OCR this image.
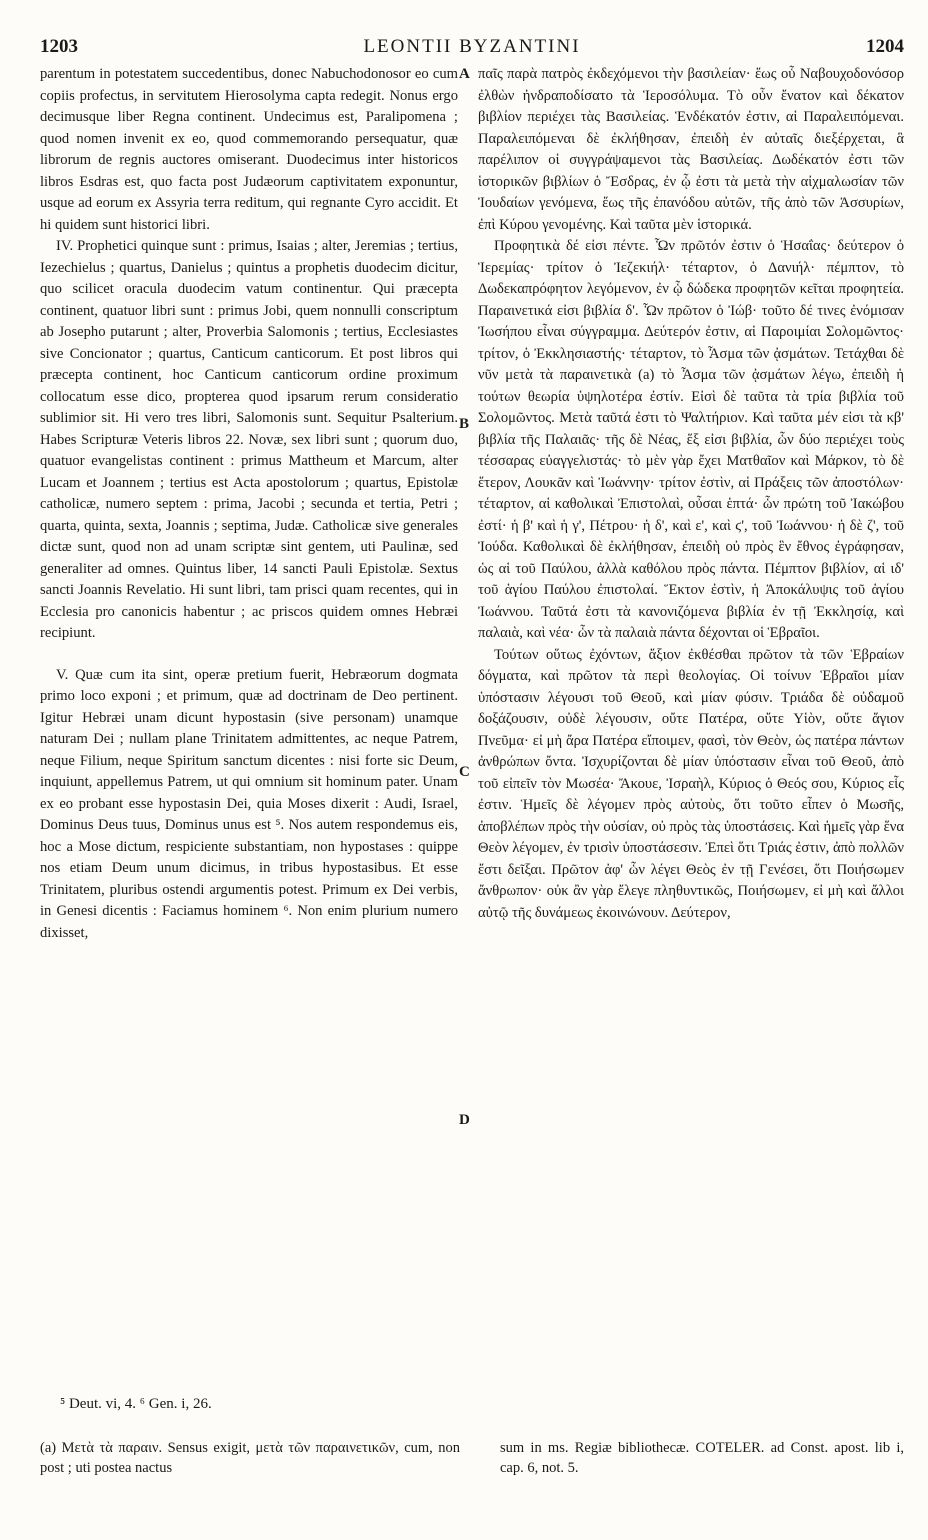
1203	LEONTII BYZANTINI	1204

parentum in potestatem succedentibus, donec Nabuchodonosor eo cum copiis profectus, in servitutem Hierosolyma capta redegit. Nonus ergo decimusque liber Regna continent. Undecimus est, Paralipomena ; quod nomen invenit ex eo, quod commemorando persequatur, quæ librorum de regnis auctores omiserant. Duodecimus inter historicos libros Esdras est, quo facta post Judæorum captivitatem exponuntur, usque ad eorum ex Assyria terra reditum, qui regnante Cyro accidit. Et hi quidem sunt historici libri.

IV. Prophetici quinque sunt : primus, Isaias ; alter, Jeremias ; tertius, Iezechielus ; quartus, Danielus ; quintus a prophetis duodecim dicitur, quo scilicet oracula duodecim vatum continentur. Qui præcepta continent, quatuor libri sunt : primus Jobi, quem nonnulli conscriptum ab Josepho putarunt ; alter, Proverbia Salomonis ; tertius, Ecclesiastes sive Concionator ; quartus, Canticum canticorum. Et post libros qui præcepta continent, hoc Canticum canticorum ordine proximum collocatum esse dico, propterea quod ipsarum rerum consideratio sublimior sit. Hi vero tres libri, Salomonis sunt. Sequitur Psalterium. Habes Scripturæ Veteris libros 22. Novæ, sex libri sunt ; quorum duo, quatuor evangelistas continent : primus Mattheum et Marcum, alter Lucam et Joannem ; tertius est Acta apostolorum ; quartus, Epistolæ catholicæ, numero septem : prima, Jacobi ; secunda et tertia, Petri ; quarta, quinta, sexta, Joannis ; septima, Judæ. Catholicæ sive generales dictæ sunt, quod non ad unam scriptæ sint gentem, uti Paulinæ, sed generaliter ad omnes. Quintus liber, 14 sancti Pauli Epistolæ. Sextus sancti Joannis Revelatio. Hi sunt libri, tam prisci quam recentes, qui in Ecclesia pro canonicis habentur ; ac priscos quidem omnes Hebræi recipiunt.

V. Quæ cum ita sint, operæ pretium fuerit, Hebræorum dogmata primo loco exponi ; et primum, quæ ad doctrinam de Deo pertinent. Igitur Hebræi unam dicunt hypostasin (sive personam) unamque naturam Dei ; nullam plane Trinitatem admittentes, ac neque Patrem, neque Filium, neque Spiritum sanctum dicentes : nisi forte sic Deum, inquiunt, appellemus Patrem, ut qui omnium sit hominum pater. Unam ex eo probant esse hypostasin Dei, quia Moses dixerit : Audi, Israel, Dominus Deus tuus, Dominus unus est ⁵. Nos autem respondemus eis, hoc a Mose dictum, respiciente substantiam, non hypostases : quippe nos etiam Deum unum dicimus, in tribus hypostasibus. Et esse Trinitatem, pluribus ostendi argumentis potest. Primum ex Dei verbis, in Genesi dicentis : Faciamus hominem ⁶. Non enim plurium numero dixisset,

A
B
C
D

παῖς παρὰ πατρὸς ἐκδεχόμενοι τὴν βασιλείαν· ἕως οὗ Ναβουχοδονόσορ ἐλθὼν ἠνδραποδίσατο τὰ Ἱεροσόλυμα. Τὸ οὖν ἔνατον καὶ δέκατον βιβλίον περιέχει τὰς Βασιλείας. Ἑνδέκατόν ἐστιν, αἱ Παραλειπόμεναι. Παραλειπόμεναι δὲ ἐκλήθησαν, ἐπειδὴ ἐν αὐταῖς διεξέρχεται, ἃ παρέλιπον οἱ συγγράψαμενοι τὰς Βασιλείας. Δωδέκατόν ἐστι τῶν ἱστορικῶν βιβλίων ὁ Ἔσδρας, ἐν ᾧ ἐστι τὰ μετὰ τὴν αἰχμαλωσίαν τῶν Ἰουδαίων γενόμενα, ἕως τῆς ἐπανόδου αὐτῶν, τῆς ἀπὸ τῶν Ἀσσυρίων, ἐπὶ Κύρου γενομένης. Καὶ ταῦτα μὲν ἱστορικά.

Προφητικὰ δέ εἰσι πέντε. Ὧν πρῶτόν ἐστιν ὁ Ἡσαΐας· δεύτερον ὁ Ἱερεμίας· τρίτον ὁ Ἰεζεκιήλ· τέταρτον, ὁ Δανιήλ· πέμπτον, τὸ Δωδεκαπρόφητον λεγόμενον, ἐν ᾧ δώδεκα προφητῶν κεῖται προφητεία. Παραινετικά εἰσι βιβλία δ'. Ὧν πρῶτον ὁ Ἰώβ· τοῦτο δέ τινες ἐνόμισαν Ἰωσήπου εἶναι σύγγραμμα. Δεύτερόν ἐστιν, αἱ Παροιμίαι Σολομῶντος· τρίτον, ὁ Ἐκκλησιαστής· τέταρτον, τὸ Ἆσμα τῶν ᾀσμάτων. Τετάχθαι δὲ νῦν μετὰ τὰ παραινετικὰ (a) τὸ Ἆσμα τῶν ᾀσμάτων λέγω, ἐπειδὴ ἡ τούτων θεωρία ὑψηλοτέρα ἐστίν. Εἰσὶ δὲ ταῦτα τὰ τρία βιβλία τοῦ Σολομῶντος. Μετὰ ταῦτά ἐστι τὸ Ψαλτήριον. Καὶ ταῦτα μέν εἰσι τὰ κβ' βιβλία τῆς Παλαιᾶς· τῆς δὲ Νέας, ἕξ εἰσι βιβλία, ὧν δύο περιέχει τοὺς τέσσαρας εὐαγγελιστάς· τὸ μὲν γὰρ ἔχει Ματθαῖον καὶ Μάρκον, τὸ δὲ ἕτερον, Λουκᾶν καὶ Ἰωάννην· τρίτον ἐστὶν, αἱ Πράξεις τῶν ἀποστόλων· τέταρτον, αἱ καθολικαὶ Ἐπιστολαὶ, οὖσαι ἑπτά· ὧν πρώτη τοῦ Ἰακώβου ἐστί· ἡ β' καὶ ἡ γ', Πέτρου· ἡ δ', καὶ ε', καὶ ϛ', τοῦ Ἰωάννου· ἡ δὲ ζ', τοῦ Ἰούδα. Καθολικαὶ δὲ ἐκλήθησαν, ἐπειδὴ οὐ πρὸς ἓν ἔθνος ἐγράφησαν, ὡς αἱ τοῦ Παύλου, ἀλλὰ καθόλου πρὸς πάντα. Πέμπτον βιβλίον, αἱ ιδ' τοῦ ἁγίου Παύλου ἐπιστολαί. Ἕκτον ἐστὶν, ἡ Ἀποκάλυψις τοῦ ἁγίου Ἰωάννου. Ταῦτά ἐστι τὰ κανονιζόμενα βιβλία ἐν τῇ Ἐκκλησίᾳ, καὶ παλαιὰ, καὶ νέα· ὧν τὰ παλαιὰ πάντα δέχονται οἱ Ἑβραῖοι.

Τούτων οὕτως ἐχόντων, ἄξιον ἐκθέσθαι πρῶτον τὰ τῶν Ἑβραίων δόγματα, καὶ πρῶτον τὰ περὶ θεολογίας. Οἱ τοίνυν Ἑβραῖοι μίαν ὑπόστασιν λέγουσι τοῦ Θεοῦ, καὶ μίαν φύσιν. Τριάδα δὲ οὐδαμοῦ δοξάζουσιν, οὐδὲ λέγουσιν, οὔτε Πατέρα, οὔτε Υἱὸν, οὔτε ἅγιον Πνεῦμα· εἰ μὴ ἄρα Πατέρα εἴποιμεν, φασὶ, τὸν Θεὸν, ὡς πατέρα πάντων ἀνθρώπων ὄντα. Ἰσχυρίζονται δὲ μίαν ὑπόστασιν εἶναι τοῦ Θεοῦ, ἀπὸ τοῦ εἰπεῖν τὸν Μωσέα· Ἄκουε, Ἰσραὴλ, Κύριος ὁ Θεός σου, Κύριος εἷς ἐστιν. Ἡμεῖς δὲ λέγομεν πρὸς αὐτοὺς, ὅτι τοῦτο εἶπεν ὁ Μωσῆς, ἀποβλέπων πρὸς τὴν οὐσίαν, οὐ πρὸς τὰς ὑποστάσεις. Καὶ ἡμεῖς γὰρ ἕνα Θεὸν λέγομεν, ἐν τρισὶν ὑποστάσεσιν. Ἐπεὶ ὅτι Τριάς ἐστιν, ἀπὸ πολλῶν ἔστι δεῖξαι. Πρῶτον ἀφ' ὧν λέγει Θεὸς ἐν τῇ Γενέσει, ὅτι Ποιήσωμεν ἄνθρωπον· οὐκ ἂν γὰρ ἔλεγε πληθυντικῶς, Ποιήσωμεν, εἰ μὴ καὶ ἄλλοι αὐτῷ τῆς δυνάμεως ἐκοινώνουν. Δεύτερον,

⁵ Deut. vi, 4. ⁶ Gen. i, 26.
(a) Μετὰ τὰ παραιν. Sensus exigit, μετὰ τῶν παραινετικῶν, cum, non post ; uti postea nactus
sum in ms. Regiæ bibliothecæ. COTELER. ad Const. apost. lib i, cap. 6, not. 5.
